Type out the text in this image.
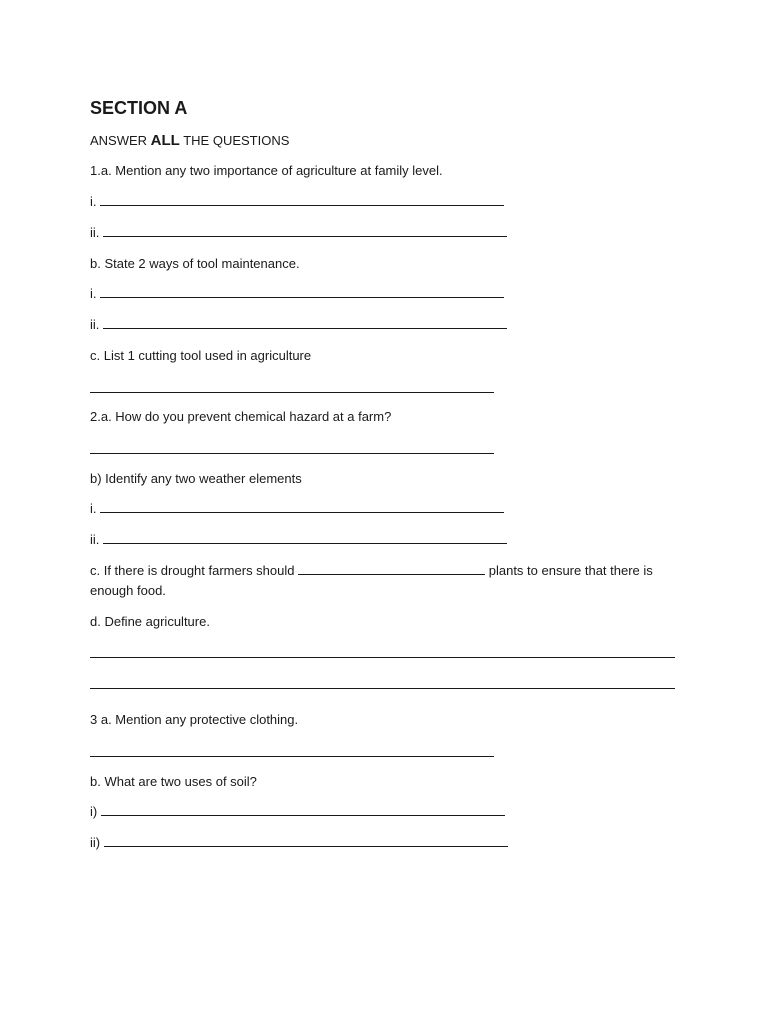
SECTION A
ANSWER ALL THE QUESTIONS
1.a. Mention any two importance of agriculture at family level.
i.
ii.
b. State 2 ways of tool maintenance.
i.
ii.
c. List 1 cutting tool used in agriculture
2.a. How do you prevent chemical hazard at a farm?
b) Identify any two weather elements
i.
ii.
c. If there is drought farmers should	plants to ensure that there is enough food.
d. Define agriculture.
3 a. Mention any protective clothing.
b. What are two uses of soil?
i)
ii)
